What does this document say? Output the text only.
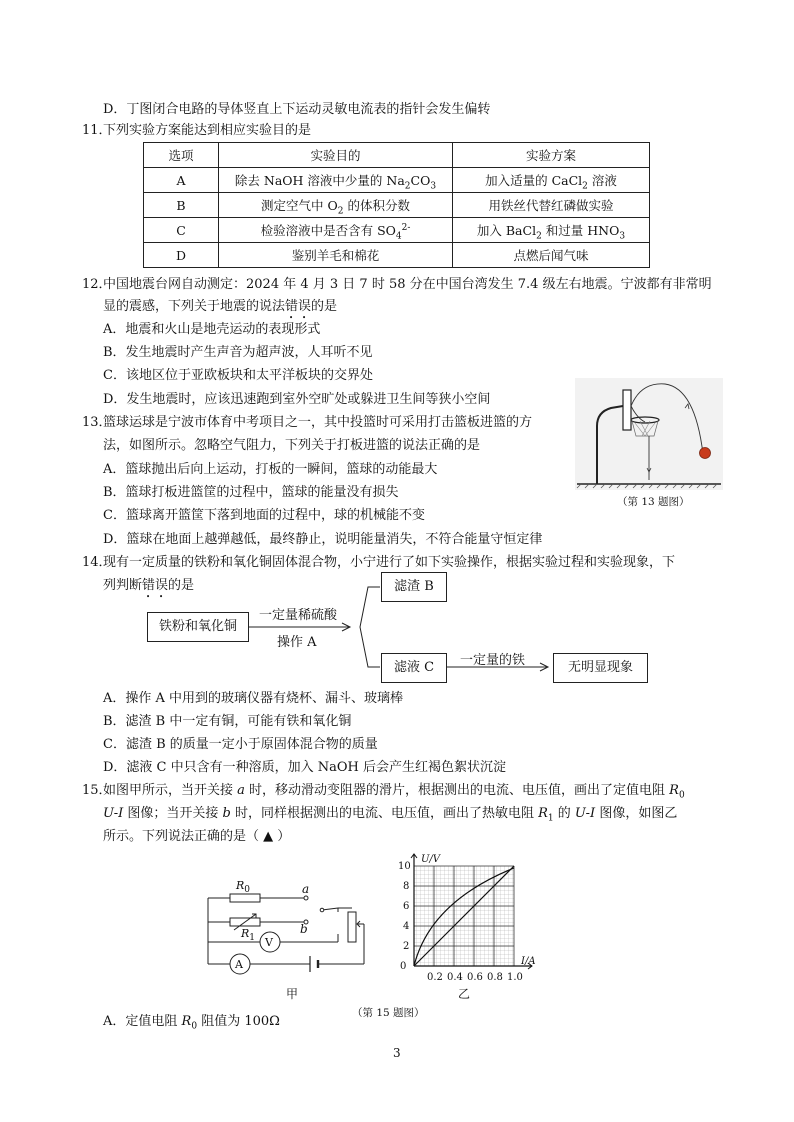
D．丁图闭合电路的导体竖直上下运动灵敏电流表的指针会发生偏转
11．
下列实验方案能达到相应实验目的是
选项	实验目的	实验方案
A	除去 NaOH 溶液中少量的 $Na_2CO_3$	加入适量的 CaCl$_2$ 溶液
B	测定空气中 $O_2$ 的体积分数	用铁丝代替红磷做实验
C	检验溶液中是否含有 $SO_4^{2-}$	加入 BaCl$_2$ 和过量 $HNO_3$
D	鉴别羊毛和棉花	点燃后闻气味
12．
中国地震台网自动测定：2024 年 4 月 3 日 7 时 58 分在中国台湾发生 7.4 级左右地震。宁波都有非常明
显的震感，下列关于地震的说法错误的是
A．地震和火山是地壳运动的表现形式
B．发生地震时产生声音为超声波，人耳听不见
C．该地区位于亚欧板块和太平洋板块的交界处
D．发生地震时，应该迅速跑到室外空旷处或躲进卫生间等狭小空间
13．
篮球运球是宁波市体育中考项目之一，其中投篮时可采用打击篮板进篮的方
法，如图所示。忽略空气阻力，下列关于打板进篮的说法正确的是
A．篮球抛出后向上运动，打板的一瞬间，篮球的动能最大
B．篮球打板进篮筐的过程中，篮球的能量没有损失
C．篮球离开篮筐下落到地面的过程中，球的机械能不变
D．篮球在地面上越弹越低，最终静止，说明能量消失，不符合能量守恒定律
（第 13 题图）
14．
现有一定质量的铁粉和氧化铜固体混合物，小宁进行了如下实验操作，根据实验过程和实验现象，下
列判断错误的是
铁粉和氧化铜
一定量稀硫酸
操作 A
滤渣 B
滤液 C	一定量的铁	无明显现象
A．操作 A 中用到的玻璃仪器有烧杯、漏斗、玻璃棒
B．滤渣 B 中一定有铜，可能有铁和氧化铜
C．滤渣 B 的质量一定小于原固体混合物的质量
D．滤液 C 中只含有一种溶质，加入 NaOH 后会产生红褐色絮状沉淀
15．
如图甲所示，当开关接 a 时，移动滑动变阻器的滑片，根据测出的电流、电压值，画出了定值电阻 $R_0$
U-I 图像；当开关接 b 时，同样根据测出的电流、电压值，画出了热敏电阻 $R_1$ 的 U-I 图像，如图乙
所示。下列说法正确的是（ ▲ ）
$R_0$
$R_1$
a
b
V
A
甲
U/V
I/A
0
2
4
6
8
10
0.2 0.4 0.6 0.8 1.0
乙
（第 15 题图）
A．定值电阻 $R_0$ 阻值为 100Ω
3
